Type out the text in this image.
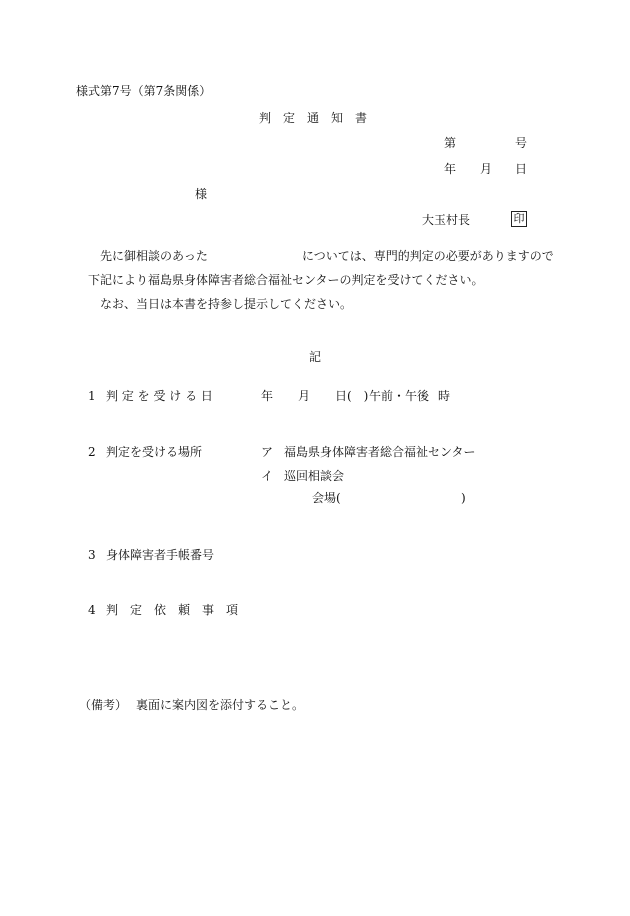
様式第7号（第7条関係）
判　定　通　知　書
第	号
年 月 日
様
大玉村長	印
先に御相談のあった	については、専門的判定の必要がありますので
下記により福島県身体障害者総合福祉センターの判定を受けてください。
なお、当日は本書を持参し提示してください。
記
1 判 定 を 受 け る 日	年 月 日(　) 午前・午後 時
2 判定を受ける場所	ア 福島県身体障害者総合福祉センター
イ 巡回相談会
会場(	)
3 身体障害者手帳番号
4 判　定　依　頼　事　項
（備考） 裏面に案内図を添付すること。
